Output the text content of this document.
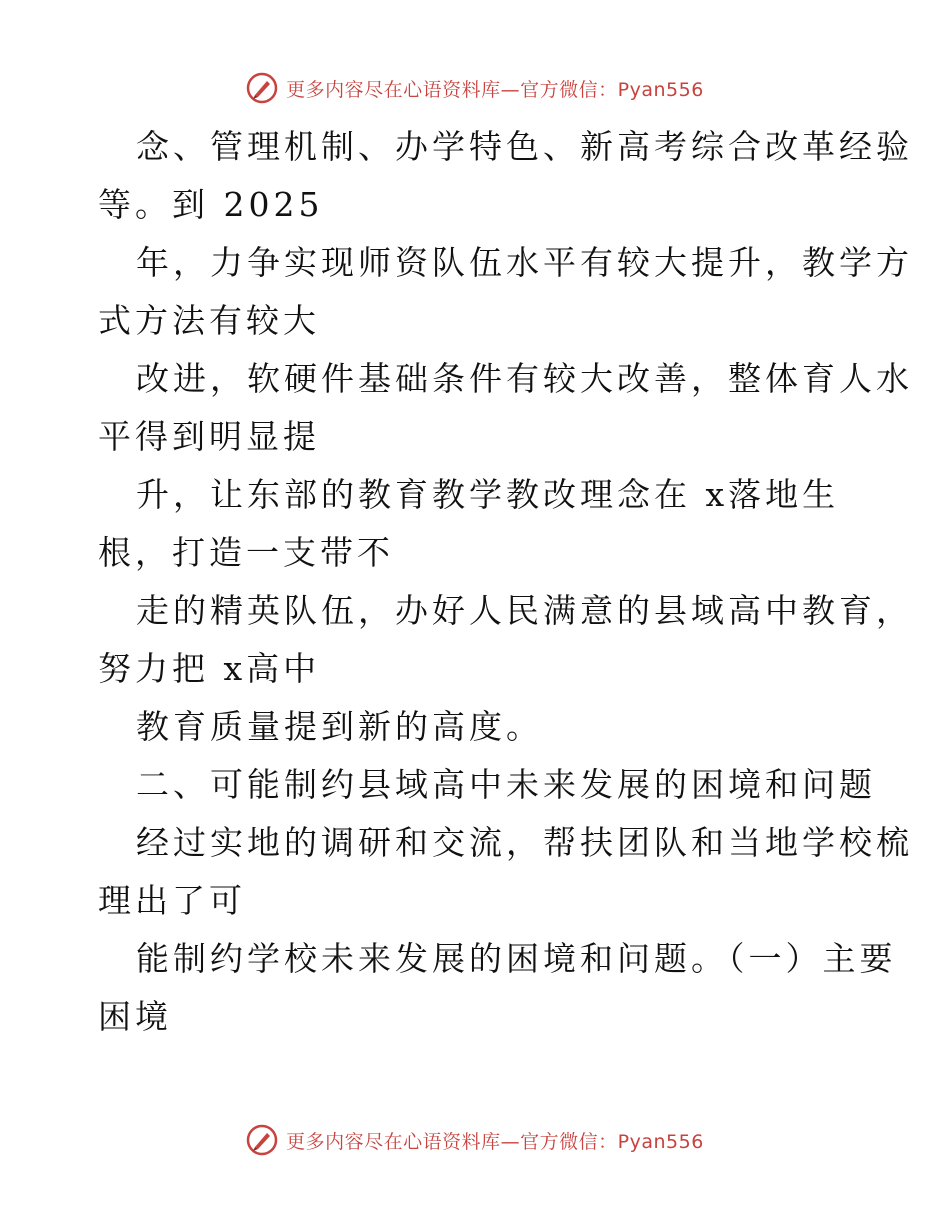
更多内容尽在心语资料库—官方微信：Pyan556

念、管理机制、办学特色、新高考综合改革经验

等。到 2025

年，力争实现师资队伍水平有较大提升，教学方

式方法有较大

改进，软硬件基础条件有较大改善，整体育人水

平得到明显提

升，让东部的教育教学教改理念在 x落地生

根，打造一支带不

走的精英队伍，办好人民满意的县域高中教育，

努力把 x高中

教育质量提到新的高度。

二、可能制约县域高中未来发展的困境和问题

经过实地的调研和交流，帮扶团队和当地学校梳

理出了可

能制约学校未来发展的困境和问题。（一）主要

困境

更多内容尽在心语资料库—官方微信：Pyan556
